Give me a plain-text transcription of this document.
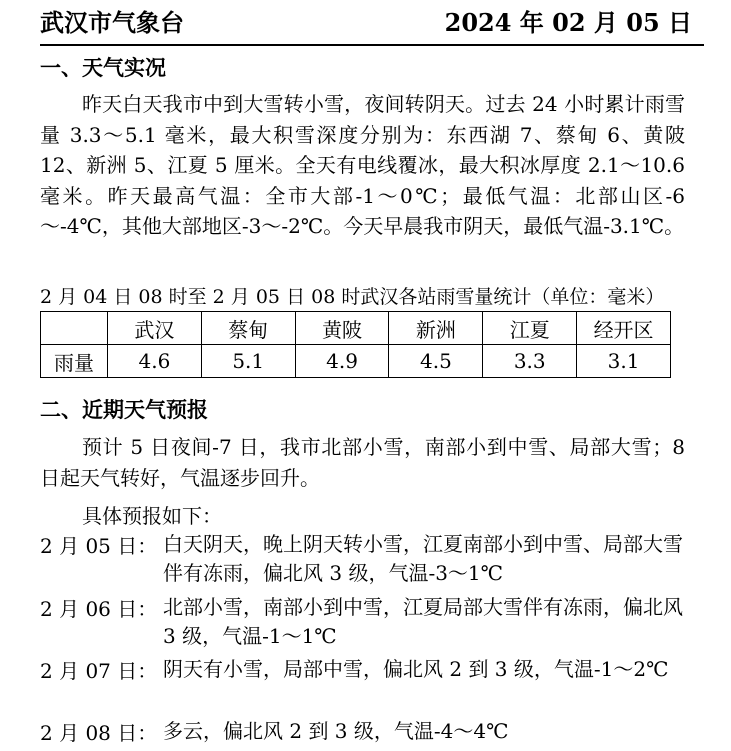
武汉市气象台	2024 年 02 月 05 日
一、天气实况

昨天白天我市中到大雪转小雪，夜间转阴天。过去 24 小时累计雨雪量 3.3～5.1 毫米，最大积雪深度分别为：东西湖 7、蔡甸 6、黄陂 12、新洲 5、江夏 5 厘米。全天有电线覆冰，最大积冰厚度 2.1～10.6 毫米。昨天最高气温：全市大部-1～0℃；最低气温：北部山区-6～-4℃，其他大部地区-3～-2℃。今天早晨我市阴天，最低气温-3.1℃。

2 月 04 日 08 时至 2 月 05 日 08 时武汉各站雨雪量统计（单位：毫米）
	武汉	蔡甸	黄陂	新洲	江夏	经开区
雨量	4.6	5.1	4.9	4.5	3.3	3.1
二、近期天气预报

预计 5 日夜间-7 日，我市北部小雪，南部小到中雪、局部大雪；8 日起天气转好，气温逐步回升。

具体预报如下：
2 月 05 日： 白天阴天，晚上阴天转小雪，江夏南部小到中雪、局部大雪伴有冻雨，偏北风 3 级，气温-3～1℃

2 月 06 日： 北部小雪，南部小到中雪，江夏局部大雪伴有冻雨，偏北风 3 级，气温-1～1℃

2 月 07 日： 阴天有小雪，局部中雪，偏北风 2 到 3 级，气温-1～2℃

2 月 08 日： 多云，偏北风 2 到 3 级，气温-4～4℃
